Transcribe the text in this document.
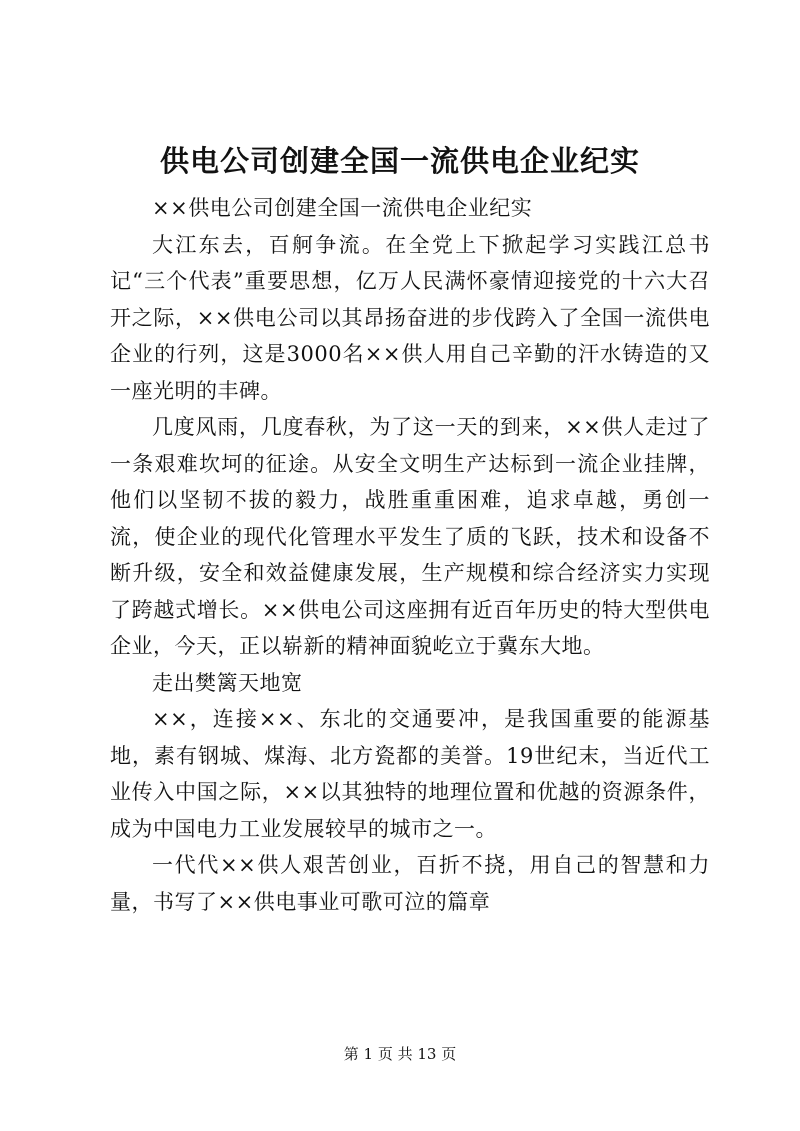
供电公司创建全国一流供电企业纪实

××供电公司创建全国一流供电企业纪实

大江东去，百舸争流。在全党上下掀起学习实践江总书记“三个代表”重要思想，亿万人民满怀豪情迎接党的十六大召开之际，××供电公司以其昂扬奋进的步伐跨入了全国一流供电企业的行列，这是3000名××供人用自己辛勤的汗水铸造的又一座光明的丰碑。

几度风雨，几度春秋，为了这一天的到来，××供人走过了一条艰难坎坷的征途。从安全文明生产达标到一流企业挂牌，他们以坚韧不拔的毅力，战胜重重困难，追求卓越，勇创一流，使企业的现代化管理水平发生了质的飞跃，技术和设备不断升级，安全和效益健康发展，生产规模和综合经济实力实现了跨越式增长。××供电公司这座拥有近百年历史的特大型供电企业，今天，正以崭新的精神面貌屹立于冀东大地。

走出樊篱天地宽

××，连接××、东北的交通要冲，是我国重要的能源基地，素有钢城、煤海、北方瓷都的美誉。19世纪末，当近代工业传入中国之际，××以其独特的地理位置和优越的资源条件，成为中国电力工业发展较早的城市之一。

一代代××供人艰苦创业，百折不挠，用自己的智慧和力量，书写了××供电事业可歌可泣的篇章

第 1 页 共 13 页
